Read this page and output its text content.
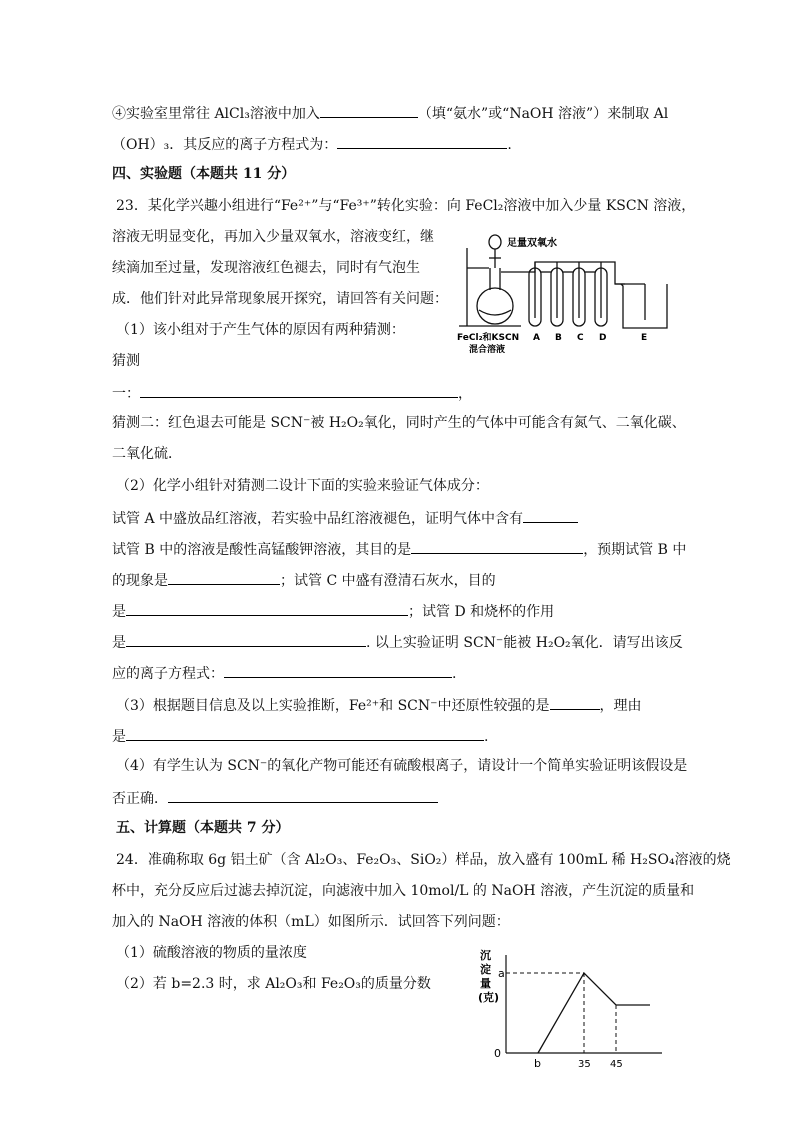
④实验室里常往 AlCl₃溶液中加入	（填“氨水”或“NaOH 溶液”）来制取 Al
（OH）₃．其反应的离子方程式为：	.
四、实验题（本题共 11 分）
23．某化学兴趣小组进行“Fe²⁺”与“Fe³⁺”转化实验：向 FeCl₂溶液中加入少量 KSCN 溶液，
溶液无明显变化，再加入少量双氧水，溶液变红，继
续滴加至过量，发现溶液红色褪去，同时有气泡生
成．他们针对此异常现象展开探究，请回答有关问题：
（1）该小组对于产生气体的原因有两种猜测：
猜测
一：	，
猜测二：红色退去可能是 SCN⁻被 H₂O₂氧化，同时产生的气体中可能含有氮气、二氧化碳、
二氧化硫．
（2）化学小组针对猜测二设计下面的实验来验证气体成分：
试管 A 中盛放品红溶液，若实验中品红溶液褪色，证明气体中含有
试管 B 中的溶液是酸性高锰酸钾溶液，其目的是	，预期试管 B 中
的现象是	；试管 C 中盛有澄清石灰水，目的
是	；试管 D 和烧杯的作用
是	. 以上实验证明 SCN⁻能被 H₂O₂氧化．请写出该反
应的离子方程式：	.
（3）根据题目信息及以上实验推断，Fe²⁺和 SCN⁻中还原性较强的是	，理由
是	.
（4）有学生认为 SCN⁻的氧化产物可能还有硫酸根离子，请设计一个简单实验证明该假设是
否正确．
五、计算题（本题共 7 分）
24．准确称取 6g 铝土矿（含 Al₂O₃、Fe₂O₃、SiO₂）样品，放入盛有 100mL 稀 H₂SO₄溶液的烧
杯中，充分反应后过滤去掉沉淀，向滤液中加入 10mol/L 的 NaOH 溶液，产生沉淀的质量和
加入的 NaOH 溶液的体积（mL）如图所示．试回答下列问题：
（1）硫酸溶液的物质的量浓度
（2）若 b=2.3 时，求 Al₂O₃和 Fe₂O₃的质量分数
足量双氧水
FeCl₂和KSCN
混合溶液
A B C D	E
沉
淀
量
(克)
a
0
b	35 45
